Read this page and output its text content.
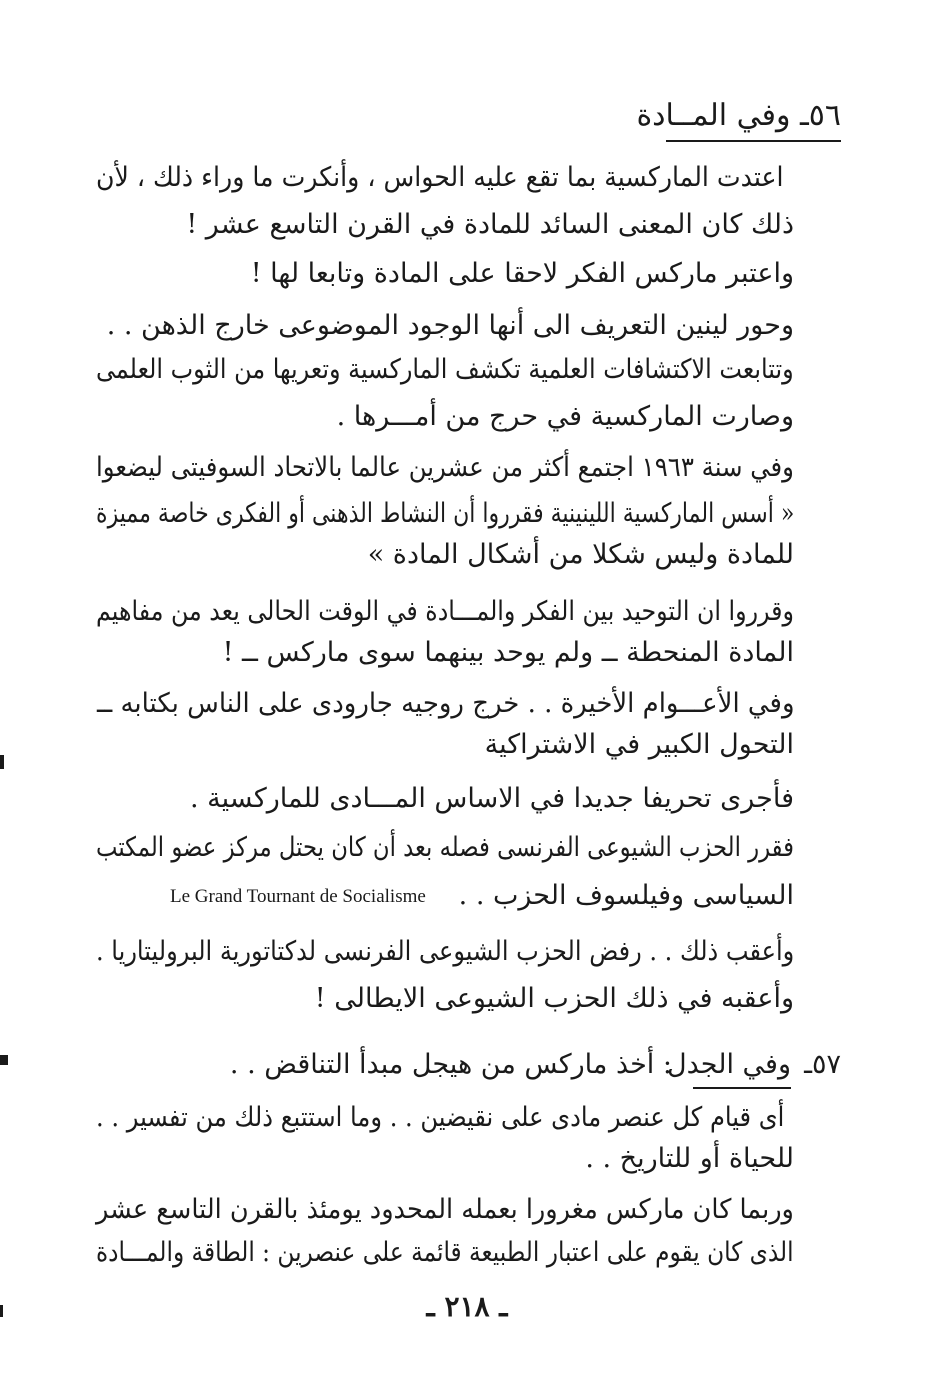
٥٦ـ وفي المــادة
اعتدت الماركسية بما تقع عليه الحواس ، وأنكرت ما وراء ذلك ، لأن
ذلك كان المعنى السائد للمادة في القرن التاسع عشر !
واعتبر ماركس الفكر لاحقا على المادة وتابعا لها !
وحور لينين التعريف الى أنها الوجود الموضوعى خارج الذهن . .
وتتابعت الاكتشافات العلمية تكشف الماركسية وتعريها من الثوب العلمى
وصارت الماركسية في حرج من أمـــرها .
وفي سنة ١٩٦٣ اجتمع أكثر من عشرين عالما بالاتحاد السوفيتى ليضعوا
« أسس الماركسية اللينينية فقرروا أن النشاط الذهنى أو الفكرى خاصة مميزة
للمادة وليس شكلا من أشكال المادة »
وقرروا ان التوحيد بين الفكر والمـــادة في الوقت الحالى يعد من مفاهيم
المادة المنحطة ــ ولم يوحد بينهما سوى ماركس ــ !
وفي الأعـــوام الأخيرة . . خرج روجيه جارودى على الناس بكتابه ــ
التحول الكبير في الاشتراكية
فأجرى تحريفا جديدا في الاساس المـــادى للماركسية .
فقرر الحزب الشيوعى الفرنسى فصله بعد أن كان يحتل مركز عضو المكتب
السياسى وفيلسوف الحزب . .
Le Grand Tournant de Socialisme
وأعقب ذلك . . رفض الحزب الشيوعى الفرنسى لدكتاتورية البروليتاريا .
وأعقبه في ذلك الحزب الشيوعى الايطالى !
٥٧ـ
وفي الجدل
: أخذ ماركس من هيجل مبدأ التناقض . .
أى قيام كل عنصر مادى على نقيضين . . وما استتبع ذلك من تفسير . .
للحياة أو للتاريخ . .
وربما كان ماركس مغرورا بعمله المحدود يومئذ بالقرن التاسع عشر
الذى كان يقوم على اعتبار الطبيعة قائمة على عنصرين : الطاقة والمـــادة
ـ ٢١٨ ـ
